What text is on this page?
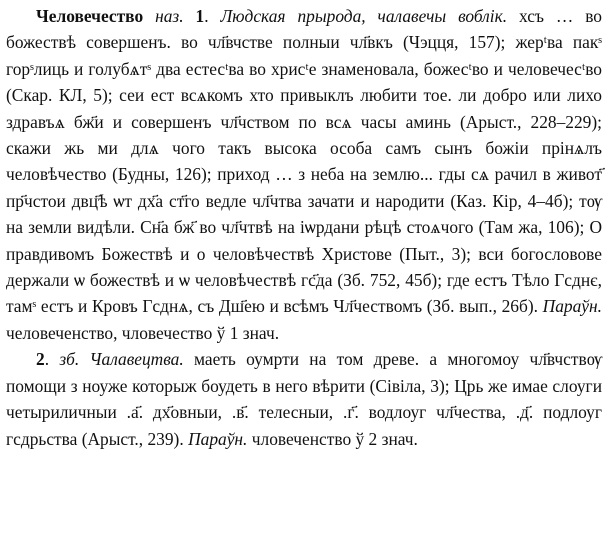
Человечество наз. 1. Людская прырода, чалавечы воблік. хсъ … во божествѣ совершенъ. во чл҃вчстве полныи чл҃вкъ (Чэцця, 157); жерᵗва пакˢ горˢлиць и голубѧтˢ два естесᵗва во хрисᵗе знаменовала, божесᵗво и человечесᵗво (Скар. КЛ, 5); сеи ест всѧкомъ хто привыклъ любити тое. ли добро или лихо здравъѧ бж҃и и совершенъ чл҃чством по всѧ часы аминь (Арыст., 228–229); скажи жь ми длѧ чого такъ высока особа самъ сынъ божіи прінѧлъ человѣчество (Будны, 126); приход … з неба на землю... гды сѧ рачил в живот҃ пр҃чстои двц҃ѣ ѡт дх҃а ст҃го ведле чл҃чтва зачати и народити (Каз. Кір, 4–4б); тѹ на земли видѣли. Сн҃а бж҃ во чл҃чтвѣ на іѡрдани рѣцѣ стоѧчого (Там жа, 106); О правдивомъ Божествѣ и о человѣчествѣ Христове (Пыт., 3); вси богословове держали ѡ божествѣ и ѡ человѣчествѣ гс҃да (Зб. 752, 45б); где естъ Тѣло Гсднє, тамˢ естъ и Кровъ Гсднѧ, съ Дш҃ею и всѣмъ Чл҃чествомъ (Зб. вып., 26б). Параўн. человеченство, чловечество ў 1 знач.

2. зб. Чалавецтва. маеть оумрти на том древе. а многомоу чл҃вчствѹ помощи з ноуже которыж боудеть в него вѣрити (Сівіла, 3); Црь же имае слоуги четыриличныи .а҃. дх҃овныи, .в҃. телесныи, .г҃. водлоуг чл҃чества, .д҃. подлоуг гсдрьства (Арыст., 239). Параўн. чловеченство ў 2 знач.
